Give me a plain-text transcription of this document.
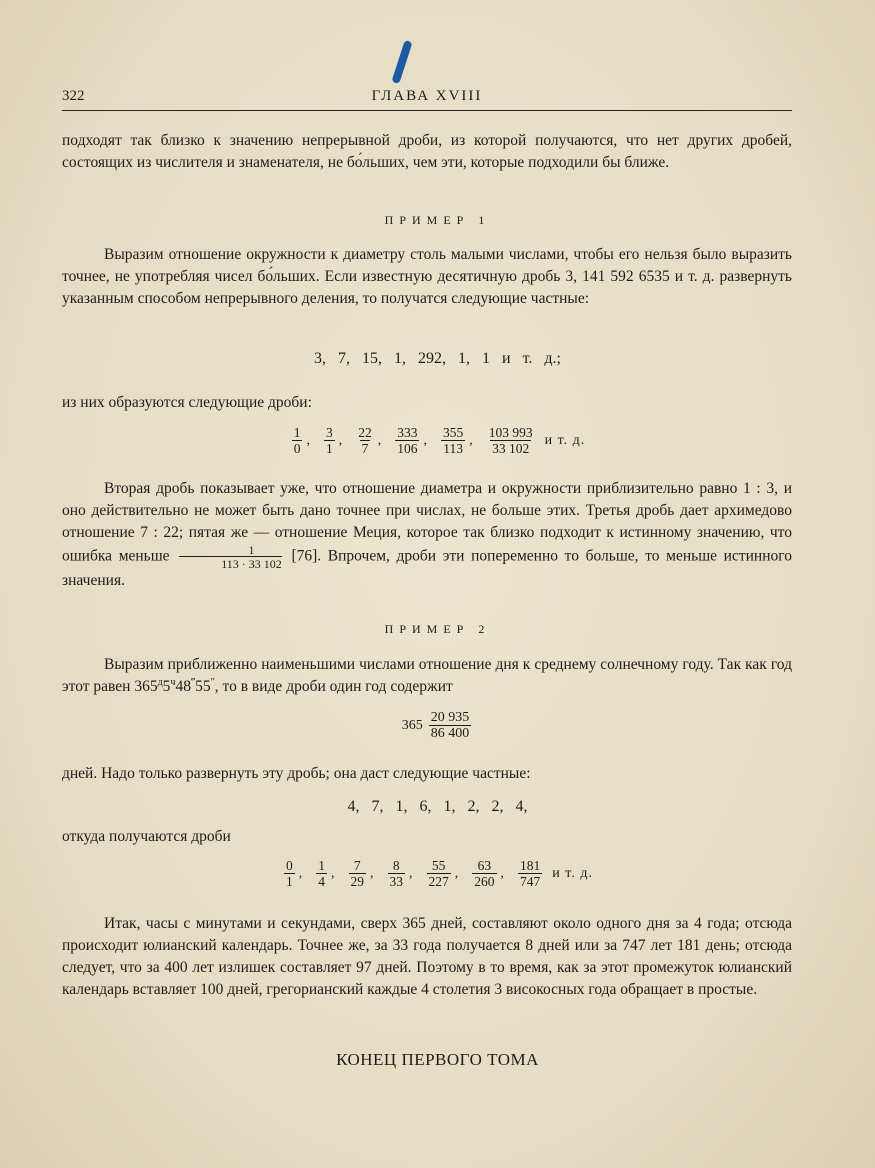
322	ГЛАВА XVIII

подходят так близко к значению непрерывной дроби, из которой получаются, что нет других дробей, состоящих из числителя и знаменателя, не бо́льших, чем эти, которые подходили бы ближе.

ПРИМЕР 1

Выразим отношение окружности к диаметру столь малыми числами, чтобы его нельзя было выразить точнее, не употребляя чисел бо́льших. Если известную десятичную дробь 3, 141 592 6535 и т. д. развернуть указанным способом непрерывного деления, то получатся следующие частные:

3, 7, 15, 1, 292, 1, 1 и т. д.;

из них образуются следующие дроби:

$\frac{1}{0}$ , $\frac{3}{1}$ , $\frac{22}{7}$ , $\frac{333}{106}$ , $\frac{355}{113}$ , $\frac{103 993}{33 102}$ и т. д.

Вторая дробь показывает уже, что отношение диаметра и окружности приблизительно равно 1 : 3, и оно действительно не может быть дано точнее при числах, не больше этих. Третья дробь дает архимедово отношение 7 : 22; пятая же — отношение Меция, которое так близко подходит к истинному значению, что ошибка меньше $\frac{1}{113 \cdot 33 102} [76]$. Впрочем, дроби эти попеременно то больше, то меньше истинного значения.

ПРИМЕР 2

Выразим приближенно наименьшими числами отношение дня к среднему солнечному году. Так как год этот равен $365^д5^ч48^‴55''$, то в виде дроби один год содержит

$365 \frac{20 935}{86 400}$

дней. Надо только развернуть эту дробь; она даст следующие частные:

4, 7, 1, 6, 1, 2, 2, 4,

откуда получаются дроби

$\frac{0}{1}$ , $\frac{1}{4}$ , $\frac{7}{29}$ , $\frac{8}{33}$ , $\frac{55}{227}$ , $\frac{63}{260}$ , $\frac{181}{747}$ и т. д.

Итак, часы с минутами и секундами, сверх 365 дней, составляют около одного дня за 4 года; отсюда происходит юлианский календарь. Точнее же, за 33 года получается 8 дней или за 747 лет 181 день; отсюда следует, что за 400 лет излишек составляет 97 дней. Поэтому в то время, как за этот промежуток юлианский календарь вставляет 100 дней, грегорианский каждые 4 столетия 3 високосных года обращает в простые.

КОНЕЦ ПЕРВОГО ТОМА
